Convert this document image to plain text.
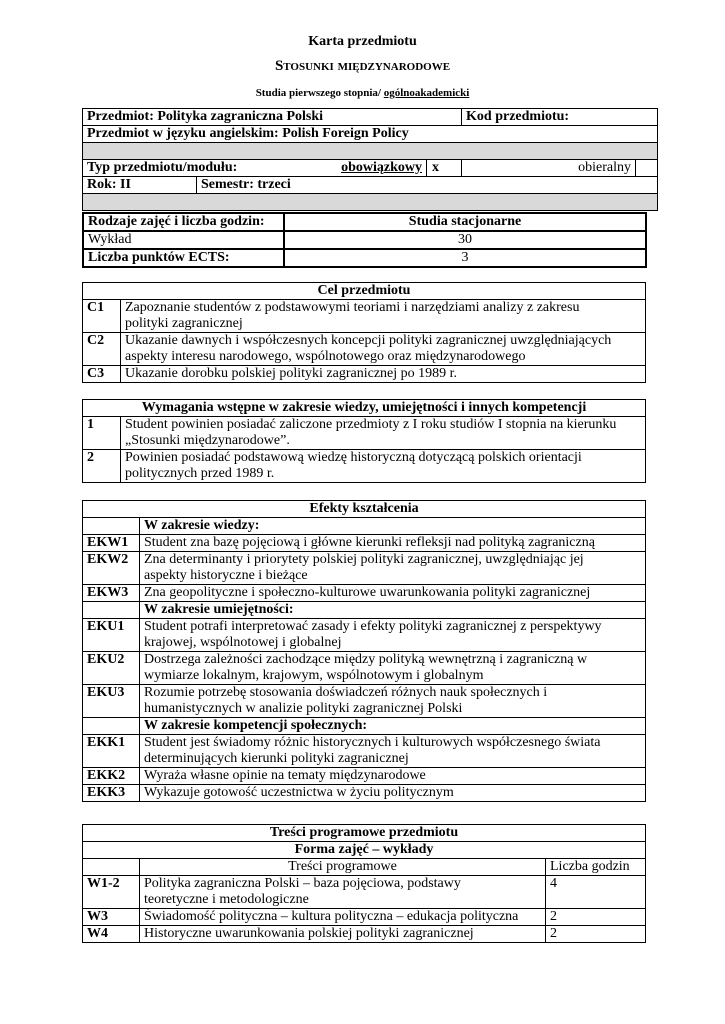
Karta przedmiotu
Stosunki międzynarodowe
Studia pierwszego stopnia/ ogólnoakademicki
Przedmiot: Polityka zagraniczna Polski			Kod przedmiotu:	
Przedmiot w języku angielskim: Polish Foreign Policy				

Typ przedmiotu/modułu: obowiązkowy		x	obieralny	
Rok: II	Semestr: trzeci			

Rodzaje zajęć i liczba godzin:	Studia stacjonarne
Wykład	30
Liczba punktów ECTS:	3
Cel przedmiotu	
C1	Zapoznanie studentów z podstawowymi teoriami i narzędziami analizy z zakresu
polityki zagranicznej

C2	Ukazanie dawnych i współczesnych koncepcji polityki zagranicznej uwzględniających
aspekty interesu narodowego, wspólnotowego oraz międzynarodowego

C3	Ukazanie dorobku polskiej polityki zagranicznej po 1989 r.
Wymagania wstępne w zakresie wiedzy, umiejętności i innych kompetencji	
1	Student powinien posiadać zaliczone przedmioty z I roku studiów I stopnia na kierunku
„Stosunki międzynarodowe”.

2	Powinien posiadać podstawową wiedzę historyczną dotyczącą polskich orientacji
politycznych przed 1989 r.
Efekty kształcenia	
	W zakresie wiedzy:
EKW1	Student zna bazę pojęciową i główne kierunki refleksji nad polityką zagraniczną

EKW2	Zna determinanty i priorytety polskiej polityki zagranicznej, uwzględniając jej
aspekty historyczne i bieżące

EKW3	Zna geopolityczne i społeczno-kulturowe uwarunkowania polityki zagranicznej

	W zakresie umiejętności:
EKU1	Student potrafi interpretować zasady i efekty polityki zagranicznej z perspektywy
krajowej, wspólnotowej i globalnej

EKU2	Dostrzega zależności zachodzące między polityką wewnętrzną i zagraniczną w
wymiarze lokalnym, krajowym, wspólnotowym i globalnym

EKU3	Rozumie potrzebę stosowania doświadczeń różnych nauk społecznych i
humanistycznych w analizie polityki zagranicznej Polski

	W zakresie kompetencji społecznych:
EKK1	Student jest świadomy różnic historycznych i kulturowych współczesnego świata
determinujących kierunki polityki zagranicznej

EKK2	Wyraża własne opinie na tematy międzynarodowe

EKK3	Wykazuje gotowość uczestnictwa w życiu politycznym
Treści programowe przedmiotu		
Forma zajęć – wykłady		
	Treści programowe	Liczba godzin
W1-2	Polityka zagraniczna Polski – baza pojęciowa, podstawy
teoretyczne i metodologiczne	4
W3	Świadomość polityczna – kultura polityczna – edukacja polityczna	2
W4	Historyczne uwarunkowania polskiej polityki zagranicznej	2
